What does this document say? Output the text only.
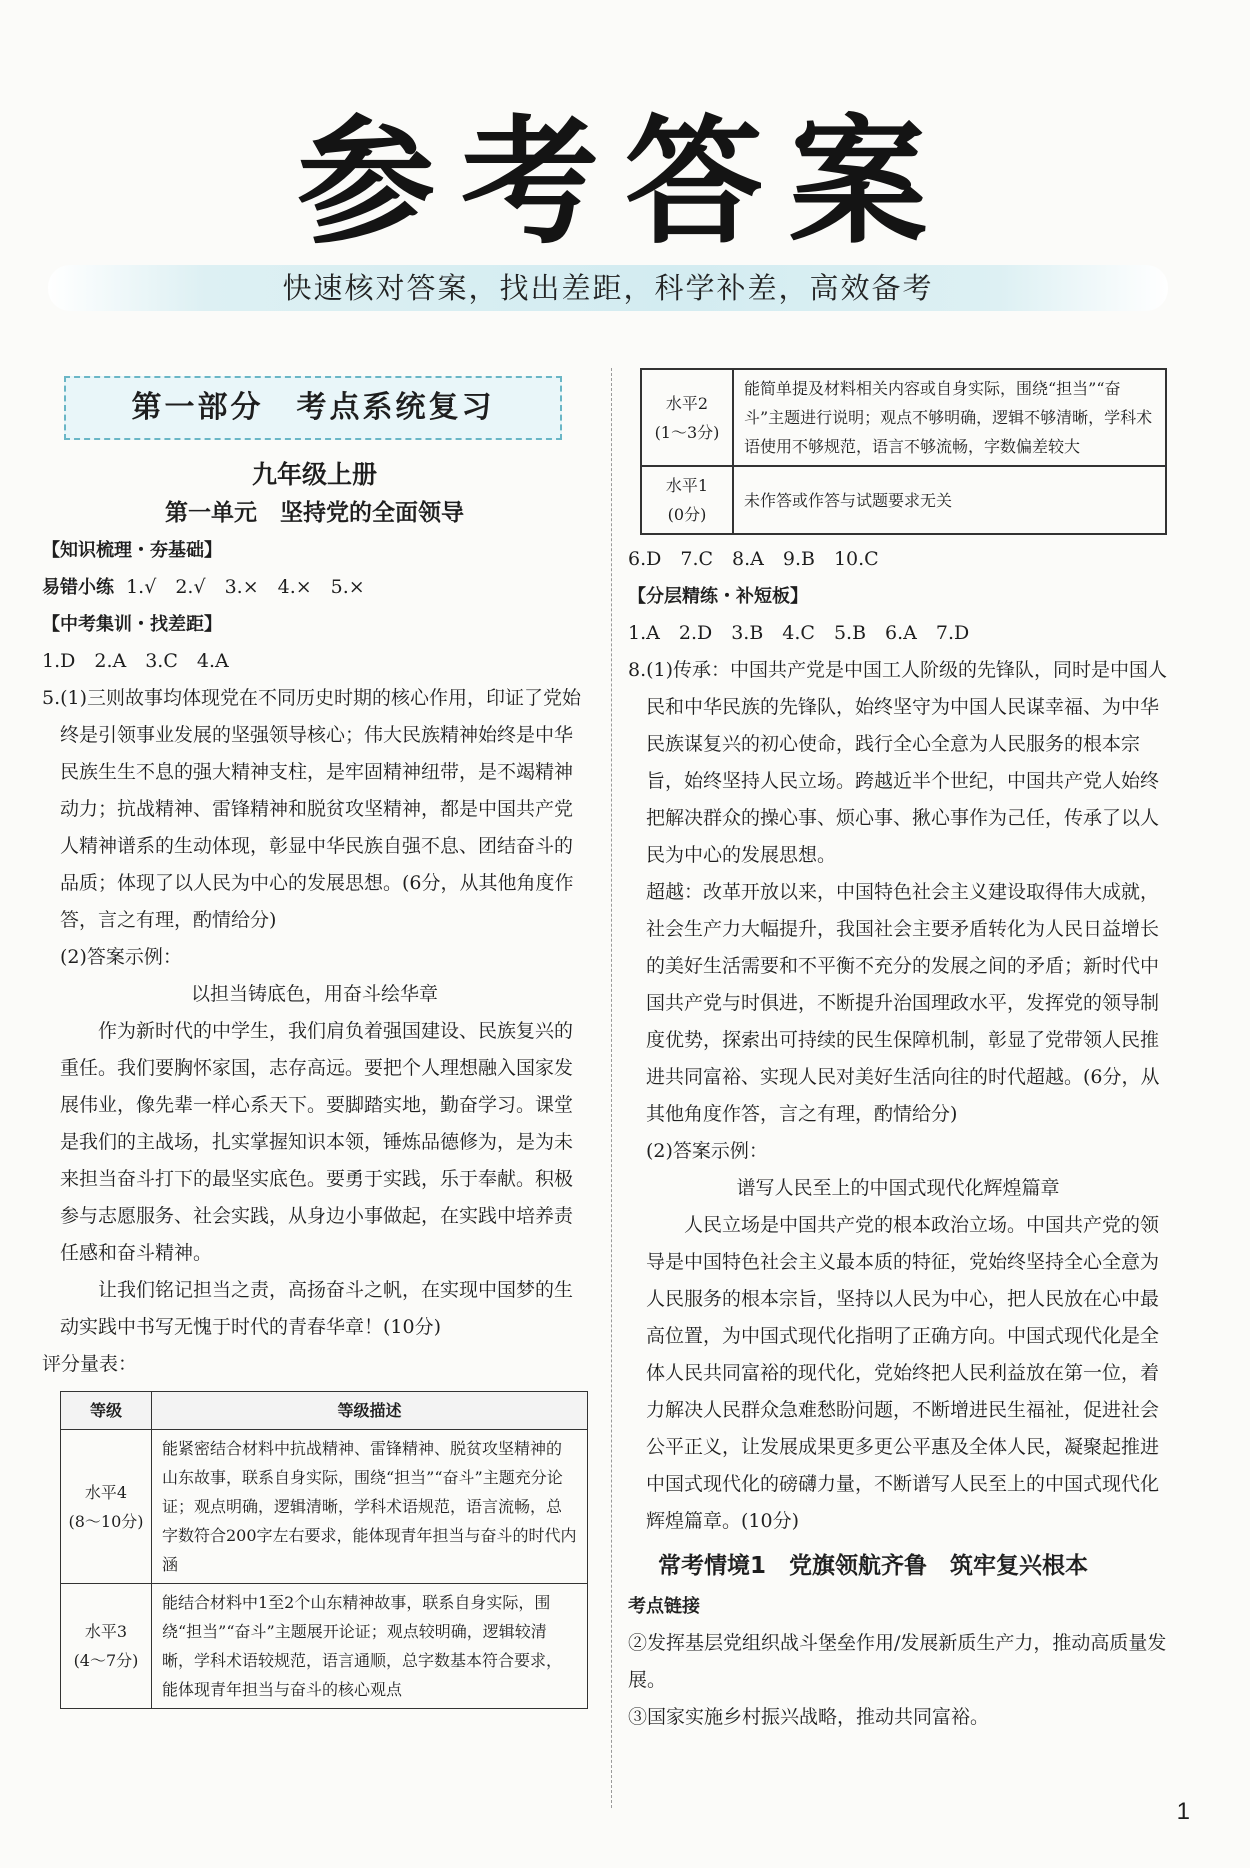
参考答案
快速核对答案，找出差距，科学补差，高效备考
第一部分　考点系统复习
九年级上册
第一单元　坚持党的全面领导

【知识梳理・夯基础】

易错小练 1.√　2.√　3.×　4.×　5.×

【中考集训・找差距】

1.D　2.A　3.C　4.A

5.(1)三则故事均体现党在不同历史时期的核心作用，印证了党始终是引领事业发展的坚强领导核心；伟大民族精神始终是中华民族生生不息的强大精神支柱，是牢固精神纽带，是不竭精神动力；抗战精神、雷锋精神和脱贫攻坚精神，都是中国共产党人精神谱系的生动体现，彰显中华民族自强不息、团结奋斗的品质；体现了以人民为中心的发展思想。(6分，从其他角度作答，言之有理，酌情给分)

(2)答案示例：

以担当铸底色，用奋斗绘华章

作为新时代的中学生，我们肩负着强国建设、民族复兴的重任。我们要胸怀家国，志存高远。要把个人理想融入国家发展伟业，像先辈一样心系天下。要脚踏实地，勤奋学习。课堂是我们的主战场，扎实掌握知识本领，锤炼品德修为，是为未来担当奋斗打下的最坚实底色。要勇于实践，乐于奉献。积极参与志愿服务、社会实践，从身边小事做起，在实践中培养责任感和奋斗精神。

让我们铭记担当之责，高扬奋斗之帆，在实现中国梦的生动实践中书写无愧于时代的青春华章！(10分)

评分量表：

等级	等级描述
水平4
(8～10分)	能紧密结合材料中抗战精神、雷锋精神、脱贫攻坚精神的山东故事，联系自身实际，围绕“担当”“奋斗”主题充分论证；观点明确，逻辑清晰，学科术语规范，语言流畅，总字数符合200字左右要求，能体现青年担当与奋斗的时代内涵
水平3
(4～7分)	能结合材料中1至2个山东精神故事，联系自身实际，围绕“担当”“奋斗”主题展开论证；观点较明确，逻辑较清晰，学科术语较规范，语言通顺，总字数基本符合要求，能体现青年担当与奋斗的核心观点
水平2
(1～3分)	能简单提及材料相关内容或自身实际，围绕“担当”“奋斗”主题进行说明；观点不够明确，逻辑不够清晰，学科术语使用不够规范，语言不够流畅，字数偏差较大
水平1
(0分)	未作答或作答与试题要求无关

6.D　7.C　8.A　9.B　10.C

【分层精练・补短板】

1.A　2.D　3.B　4.C　5.B　6.A　7.D

8.(1)传承：中国共产党是中国工人阶级的先锋队，同时是中国人民和中华民族的先锋队，始终坚守为中国人民谋幸福、为中华民族谋复兴的初心使命，践行全心全意为人民服务的根本宗旨，始终坚持人民立场。跨越近半个世纪，中国共产党人始终把解决群众的操心事、烦心事、揪心事作为己任，传承了以人民为中心的发展思想。

超越：改革开放以来，中国特色社会主义建设取得伟大成就，社会生产力大幅提升，我国社会主要矛盾转化为人民日益增长的美好生活需要和不平衡不充分的发展之间的矛盾；新时代中国共产党与时俱进，不断提升治国理政水平，发挥党的领导制度优势，探索出可持续的民生保障机制，彰显了党带领人民推进共同富裕、实现人民对美好生活向往的时代超越。(6分，从其他角度作答，言之有理，酌情给分)

(2)答案示例：

谱写人民至上的中国式现代化辉煌篇章

人民立场是中国共产党的根本政治立场。中国共产党的领导是中国特色社会主义最本质的特征，党始终坚持全心全意为人民服务的根本宗旨，坚持以人民为中心，把人民放在心中最高位置，为中国式现代化指明了正确方向。中国式现代化是全体人民共同富裕的现代化，党始终把人民利益放在第一位，着力解决人民群众急难愁盼问题，不断增进民生福祉，促进社会公平正义，让发展成果更多更公平惠及全体人民，凝聚起推进中国式现代化的磅礴力量，不断谱写人民至上的中国式现代化辉煌篇章。(10分)

常考情境1　党旗领航齐鲁　筑牢复兴根本

考点链接

②发挥基层党组织战斗堡垒作用/发展新质生产力，推动高质量发展。

③国家实施乡村振兴战略，推动共同富裕。

1
